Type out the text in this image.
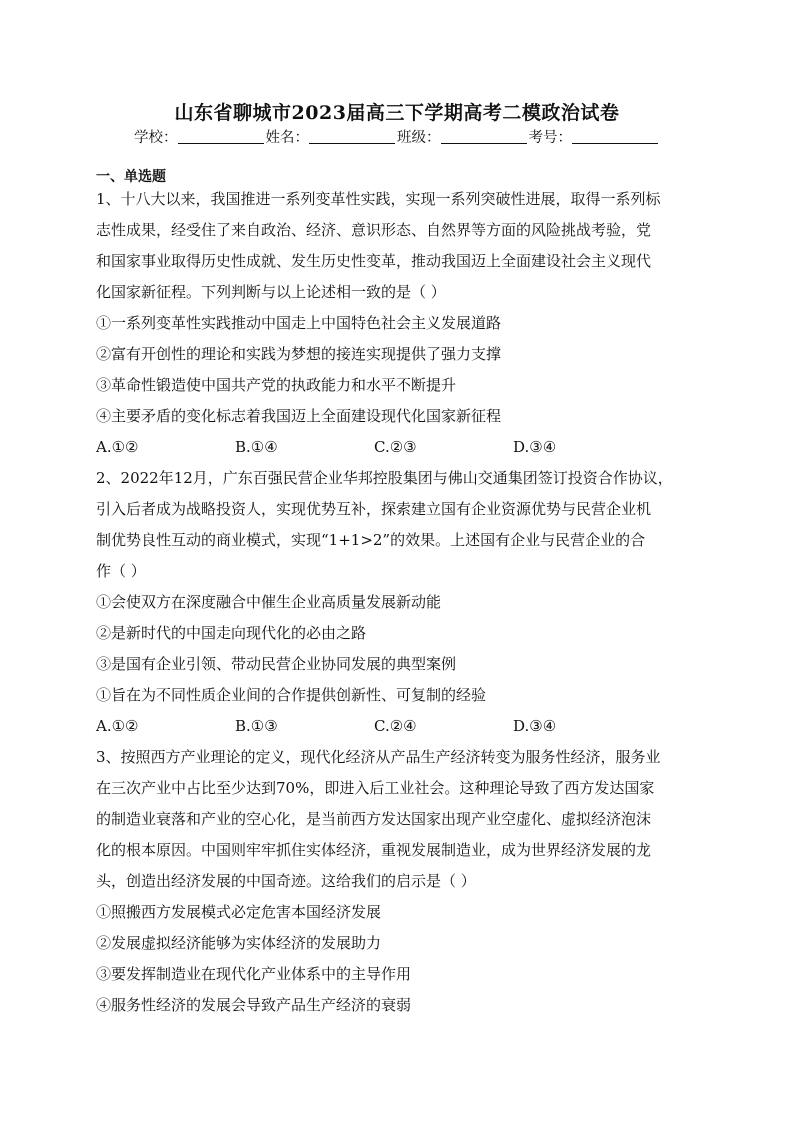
山东省聊城市2023届高三下学期高考二模政治试卷
学校：	姓名：	班级：	考号：
一、单选题

1、十八大以来，我国推进一系列变革性实践，实现一系列突破性进展，取得一系列标

志性成果，经受住了来自政治、经济、意识形态、自然界等方面的风险挑战考验，党

和国家事业取得历史性成就、发生历史性变革，推动我国迈上全面建设社会主义现代

化国家新征程。下列判断与以上论述相一致的是（ ）

①一系列变革性实践推动中国走上中国特色社会主义发展道路

②富有开创性的理论和实践为梦想的接连实现提供了强力支撑

③革命性锻造使中国共产党的执政能力和水平不断提升

④主要矛盾的变化标志着我国迈上全面建设现代化国家新征程

A.①②	B.①④	C.②③	D.③④

2、2022年12月，广东百强民营企业华邦控股集团与佛山交通集团签订投资合作协议，

引入后者成为战略投资人，实现优势互补，探索建立国有企业资源优势与民营企业机

制优势良性互动的商业模式，实现“1+1>2”的效果。上述国有企业与民营企业的合

作（ ）

①会使双方在深度融合中催生企业高质量发展新动能

②是新时代的中国走向现代化的必由之路

③是国有企业引领、带动民营企业协同发展的典型案例

①旨在为不同性质企业间的合作提供创新性、可复制的经验

A.①②	B.①③	C.②④	D.③④

3、按照西方产业理论的定义，现代化经济从产品生产经济转变为服务性经济，服务业

在三次产业中占比至少达到70%，即进入后工业社会。这种理论导致了西方发达国家

的制造业衰落和产业的空心化，是当前西方发达国家出现产业空虚化、虚拟经济泡沫

化的根本原因。中国则牢牢抓住实体经济，重视发展制造业，成为世界经济发展的龙

头，创造出经济发展的中国奇迹。这给我们的启示是（ ）

①照搬西方发展模式必定危害本国经济发展

②发展虚拟经济能够为实体经济的发展助力

③要发挥制造业在现代化产业体系中的主导作用

④服务性经济的发展会导致产品生产经济的衰弱
